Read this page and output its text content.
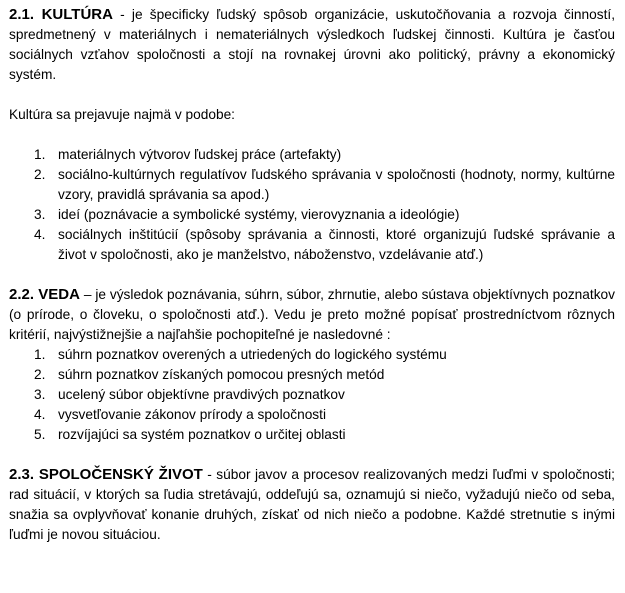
2.1. KULTÚRA - je špecificky ľudský spôsob organizácie, uskutočňovania a rozvoja činností, spredmetnený v materiálnych i nemateriálnych výsledkoch ľudskej činnosti. Kultúra je časťou sociálnych vzťahov spoločnosti a stojí na rovnakej úrovni ako politický, právny a ekonomický systém.

Kultúra sa prejavuje najmä v podobe:

1. materiálnych výtvorov ľudskej práce (artefakty)
2. sociálno-kultúrnych regulatívov ľudského správania v spoločnosti (hodnoty, normy, kultúrne vzory, pravidlá správania sa apod.)
3. ideí (poznávacie a symbolické systémy, vierovyznania a ideológie)
4. sociálnych inštitúcií (spôsoby správania a činnosti, ktoré organizujú ľudské správanie a život v spoločnosti, ako je manželstvo, náboženstvo, vzdelávanie atď.)

2.2. VEDA – je výsledok poznávania, súhrn, súbor, zhrnutie, alebo sústava objektívnych poznatkov (o prírode, o človeku, o spoločnosti atď.). Vedu je preto možné popísať prostredníctvom rôznych kritérií, najvýstižnejšie a najľahšie pochopiteľné je nasledovné :

1. súhrn poznatkov overených a utriedených do logického systému
2. súhrn poznatkov získaných pomocou presných metód
3. ucelený súbor objektívne pravdivých poznatkov
4. vysvetľovanie zákonov prírody a spoločnosti
5. rozvíjajúci sa systém poznatkov o určitej oblasti

2.3. SPOLOČENSKÝ ŽIVOT - súbor javov a procesov realizovaných medzi ľuďmi v spoločnosti; rad situácií, v ktorých sa ľudia stretávajú, oddeľujú sa, oznamujú si niečo, vyžadujú niečo od seba, snažia sa ovplyvňovať konanie druhých, získať od nich niečo a podobne. Každé stretnutie s inými ľuďmi je novou situáciou.
